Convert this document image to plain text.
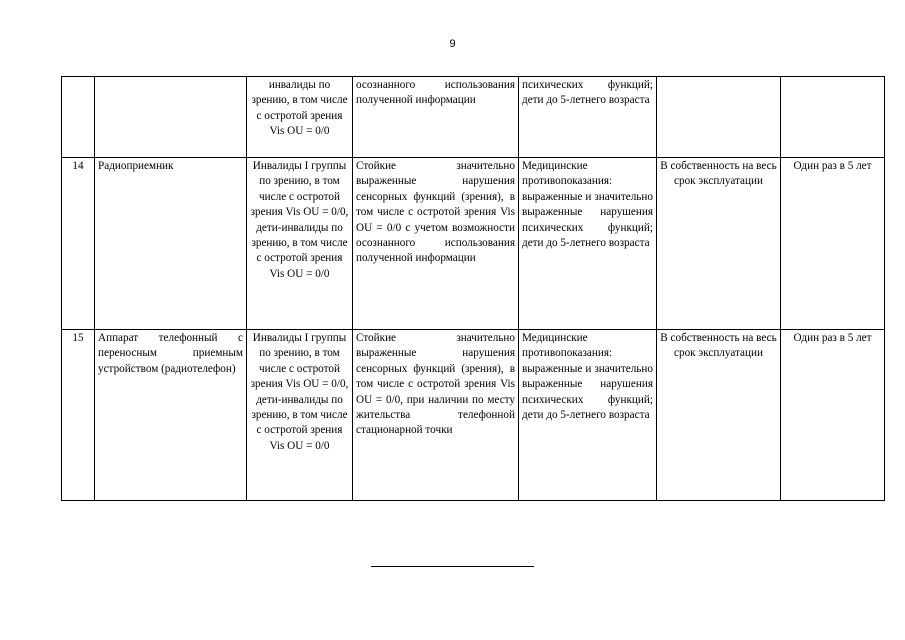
9
		инвалиды по зрению, в том числе с остротой зрения Vis OU = 0/0	осознанного использования полученной информации	психических функций; дети до 5-летнего возраста		
14	Радиоприемник	Инвалиды I группы по зрению, в том числе с остротой зрения Vis OU = 0/0, дети-инвалиды по зрению, в том числе с остротой зрения Vis OU = 0/0	Стойкие значительно выраженные нарушения сенсорных функций (зрения), в том числе с остротой зрения Vis OU = 0/0 с учетом возможности осознанного использования полученной информации	Медицинские противопоказания: выраженные и значительно выраженные нарушения психических функций; дети до 5-летнего возраста	В собственность на весь срок эксплуатации	Один раз в 5 лет
15	Аппарат телефонный с переносным приемным устройством (радиотелефон)	Инвалиды I группы по зрению, в том числе с остротой зрения Vis OU = 0/0, дети-инвалиды по зрению, в том числе с остротой зрения Vis OU = 0/0	Стойкие значительно выраженные нарушения сенсорных функций (зрения), в том числе с остротой зрения Vis OU = 0/0, при наличии по месту жительства телефонной стационарной точки	Медицинские противопоказания: выраженные и значительно выраженные нарушения психических функций; дети до 5-летнего возраста	В собственность на весь срок эксплуатации	Один раз в 5 лет
